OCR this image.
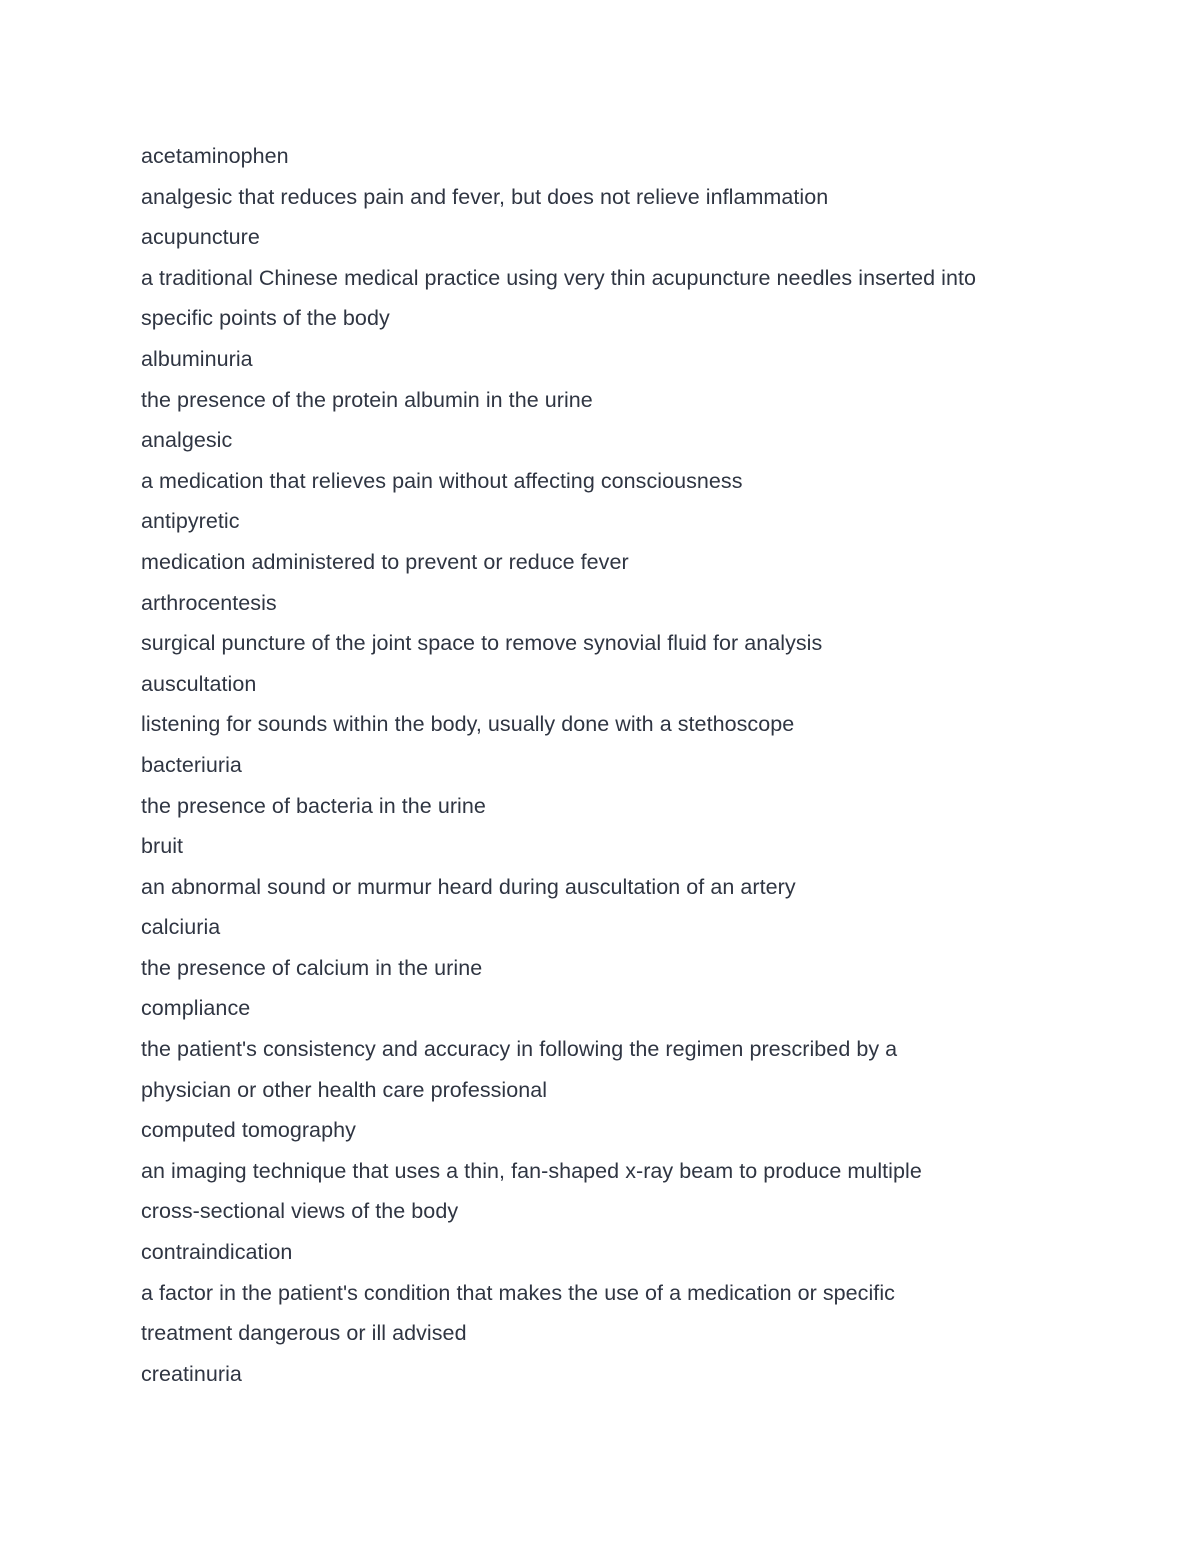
acetaminophen
analgesic that reduces pain and fever, but does not relieve inflammation
acupuncture
a traditional Chinese medical practice using very thin acupuncture needles inserted into
specific points of the body
albuminuria
the presence of the protein albumin in the urine
analgesic
a medication that relieves pain without affecting consciousness
antipyretic
medication administered to prevent or reduce fever
arthrocentesis
surgical puncture of the joint space to remove synovial fluid for analysis
auscultation
listening for sounds within the body, usually done with a stethoscope
bacteriuria
the presence of bacteria in the urine
bruit
an abnormal sound or murmur heard during auscultation of an artery
calciuria
the presence of calcium in the urine
compliance
the patient's consistency and accuracy in following the regimen prescribed by a
physician or other health care professional
computed tomography
an imaging technique that uses a thin, fan-shaped x-ray beam to produce multiple
cross-sectional views of the body
contraindication
a factor in the patient's condition that makes the use of a medication or specific
treatment dangerous or ill advised
creatinuria
